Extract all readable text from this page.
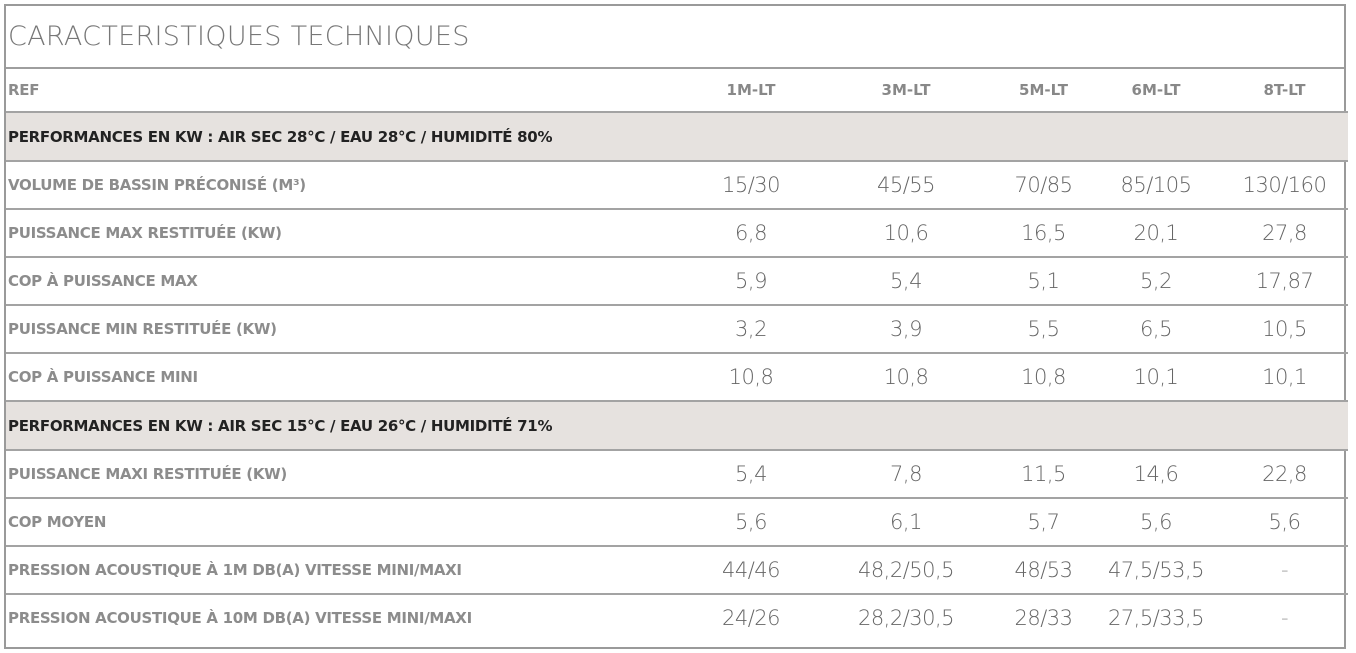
CARACTERISTIQUES TECHNIQUES
REF	1M-LT	3M-LT	5M-LT	6M-LT	8T-LT
PERFORMANCES EN KW : AIR SEC 28°C / EAU 28°C / HUMIDITÉ 80%					
VOLUME DE BASSIN PRÉCONISÉ (M³)	15/30	45/55	70/85	85/105	130/160
PUISSANCE MAX RESTITUÉE (KW)	6,8	10,6	16,5	20,1	27,8
COP À PUISSANCE MAX	5,9	5,4	5,1	5,2	17,87
PUISSANCE MIN RESTITUÉE (KW)	3,2	3,9	5,5	6,5	10,5
COP À PUISSANCE MINI	10,8	10,8	10,8	10,1	10,1
PERFORMANCES EN KW : AIR SEC 15°C / EAU 26°C / HUMIDITÉ 71%					
PUISSANCE MAXI RESTITUÉE (KW)	5,4	7,8	11,5	14,6	22,8
COP MOYEN	5,6	6,1	5,7	5,6	5,6
PRESSION ACOUSTIQUE À 1M DB(A) VITESSE MINI/MAXI	44/46	48,2/50,5	48/53	47,5/53,5	-
PRESSION ACOUSTIQUE À 10M DB(A) VITESSE MINI/MAXI	24/26	28,2/30,5	28/33	27,5/33,5	-
